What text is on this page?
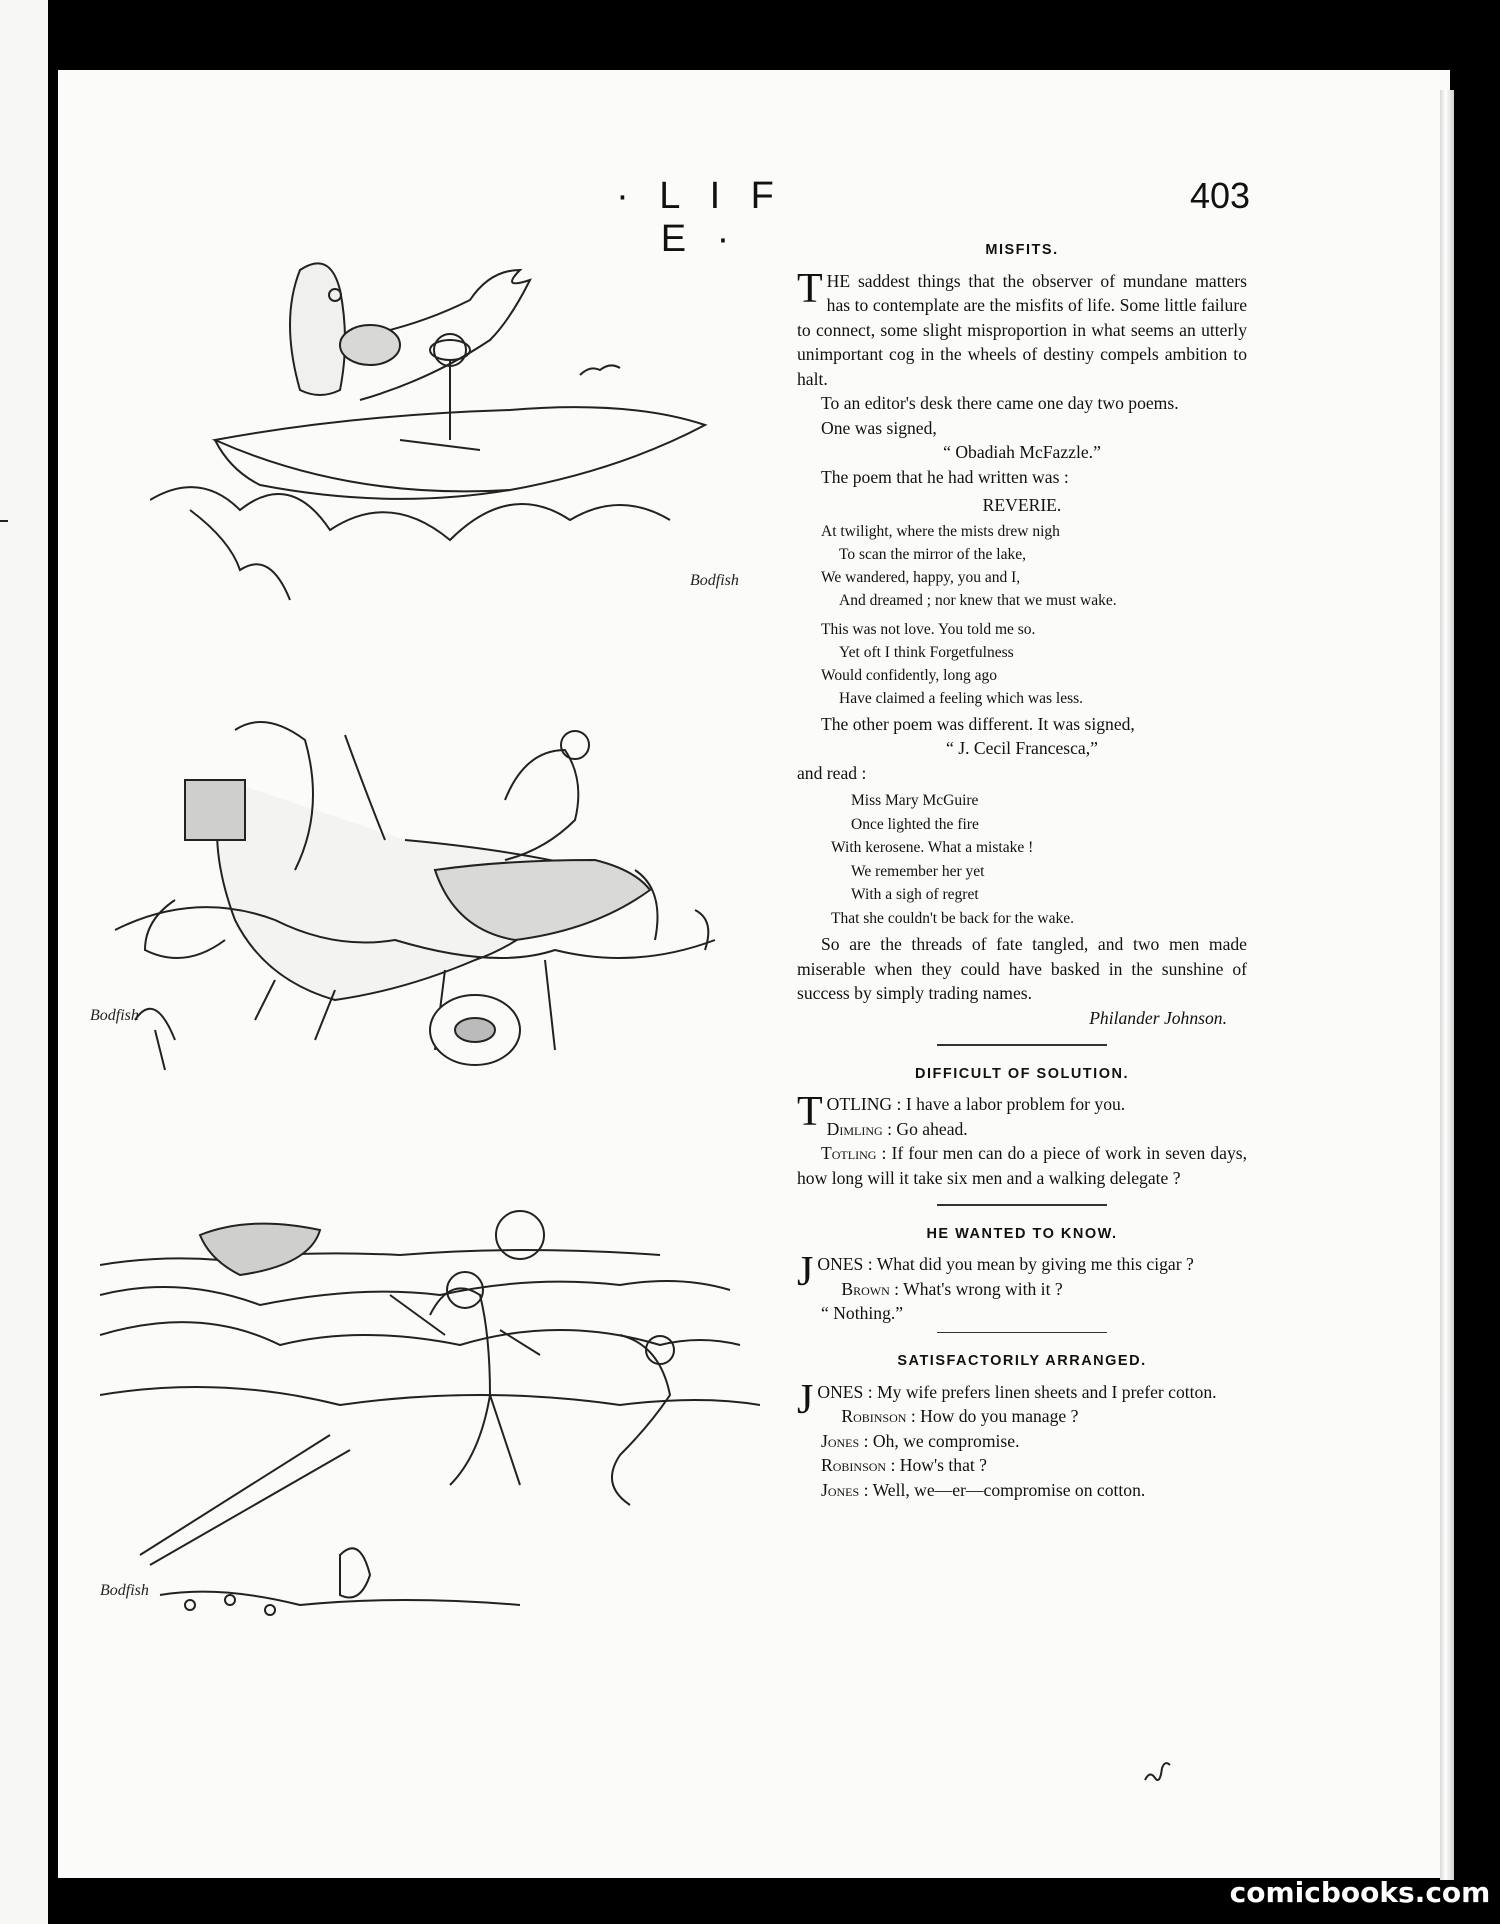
· L I F E ·
403
Bodfish
Bodfish
Bodfish
MISFITS.

THE saddest things that the observer of mundane matters has to contemplate are the misfits of life. Some little failure to connect, some slight misproportion in what seems an utterly unimportant cog in the wheels of destiny compels ambition to halt.

To an editor's desk there came one day two poems.

One was signed,

“ Obadiah McFazzle.”

The poem that he had written was :

REVERIE.

At twilight, where the mists drew nigh
To scan the mirror of the lake,
We wandered, happy, you and I,
And dreamed ; nor knew that we must wake.
This was not love. You told me so.
Yet oft I think Forgetfulness
Would confidently, long ago
Have claimed a feeling which was less.

The other poem was different. It was signed,

“ J. Cecil Francesca,”

and read :

Miss Mary McGuire
Once lighted the fire
With kerosene. What a mistake !
We remember her yet
With a sigh of regret
That she couldn't be back for the wake.

So are the threads of fate tangled, and two men made miserable when they could have basked in the sunshine of success by simply trading names.

Philander Johnson.

DIFFICULT OF SOLUTION.

TOTLING : I have a labor problem for you.
Dimling : Go ahead.

Totling : If four men can do a piece of work in seven days, how long will it take six men and a walking delegate ?

HE WANTED TO KNOW.

JONES : What did you mean by giving me this cigar ?

Brown : What's wrong with it ?

“ Nothing.”

SATISFACTORILY ARRANGED.

JONES : My wife prefers linen sheets and I prefer cotton.

Robinson : How do you manage ?

Jones : Oh, we compromise.

Robinson : How's that ?

Jones : Well, we—er—compromise on cotton.

comicbooks.com
